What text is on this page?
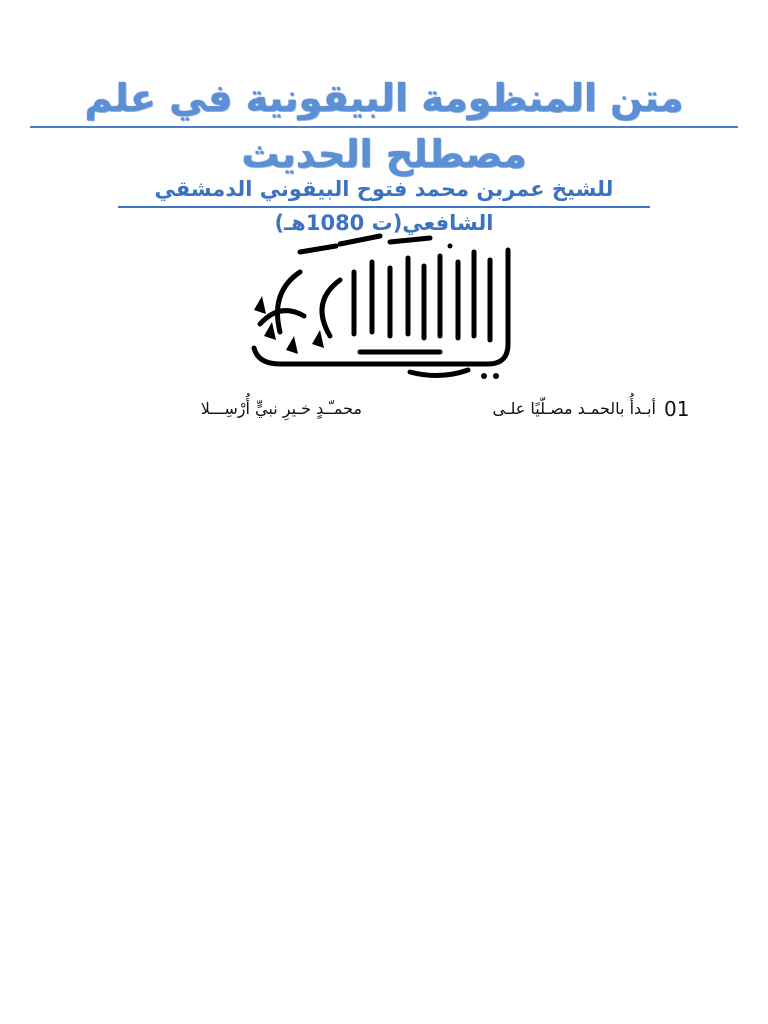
متن المنظومة البيقونية في علم مصطلح الحديث
للشيخ عمربن محمد فتوح البيقوني الدمشقي الشافعي(ت 1080هـ)
01
أبـدأُ بالحمـد مصـلّيًا علـى
محمـّـدٍ خـيرِ نبيٍّ أُرْسِـــلا
